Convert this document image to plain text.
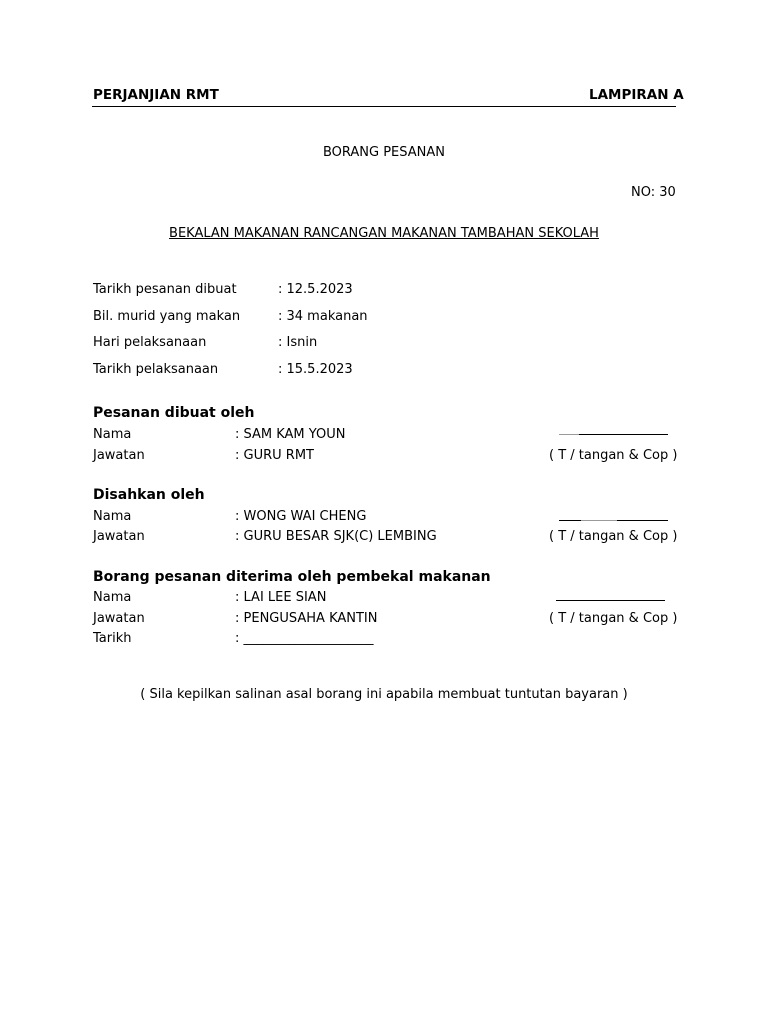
PERJANJIAN RMT	LAMPIRAN A
BORANG PESANAN
NO: 30
BEKALAN MAKANAN RANCANGAN MAKANAN TAMBAHAN SEKOLAH
Tarikh pesanan dibuat	: 12.5.2023
Bil. murid yang makan	: 34 makanan
Hari pelaksanaan	: Isnin
Tarikh pelaksanaan	: 15.5.2023
Pesanan dibuat oleh
Nama	: SAM KAM YOUN
Jawatan	: GURU RMT	( T / tangan & Cop )
Disahkan oleh
Nama	: WONG WAI CHENG
Jawatan	: GURU BESAR SJK(C) LEMBING	( T / tangan & Cop )
Borang pesanan diterima oleh pembekal makanan
Nama	: LAI LEE SIAN
Jawatan	: PENGUSAHA KANTIN	( T / tangan & Cop )
Tarikh	: ____________________
( Sila kepilkan salinan asal borang ini apabila membuat tuntutan bayaran )
